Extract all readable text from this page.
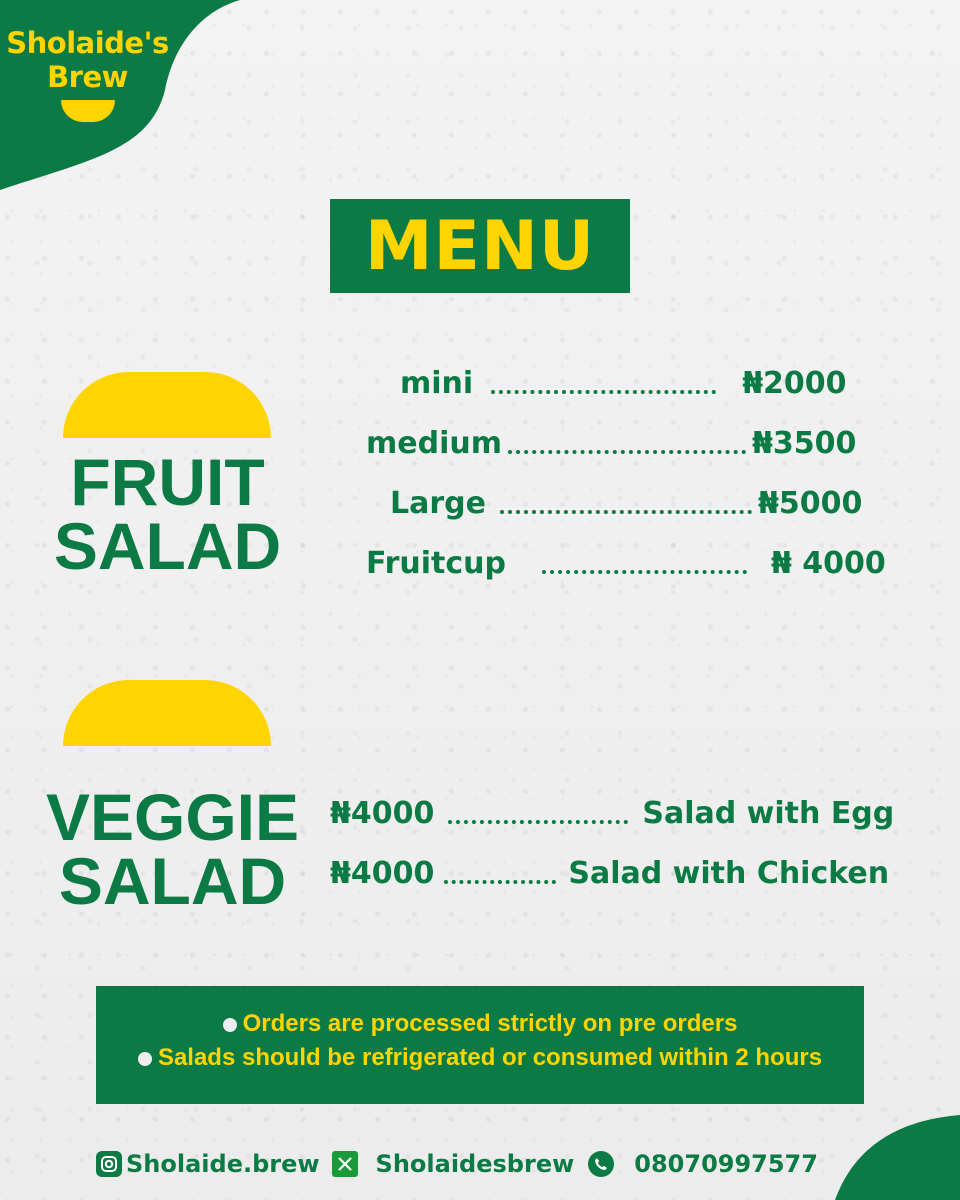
Sholaide's
Brew
MENU
FRUIT
SALAD
mini	₦2000
medium	₦3500
Large	₦5000
Fruitcup	₦ 4000
VEGGIE
SALAD
₦4000	Salad with Egg
₦4000	Salad with Chicken
Orders are processed strictly on pre orders
Salads should be refrigerated or consumed within 2 hours
Sholaide.brew Sholaidesbrew	08070997577
